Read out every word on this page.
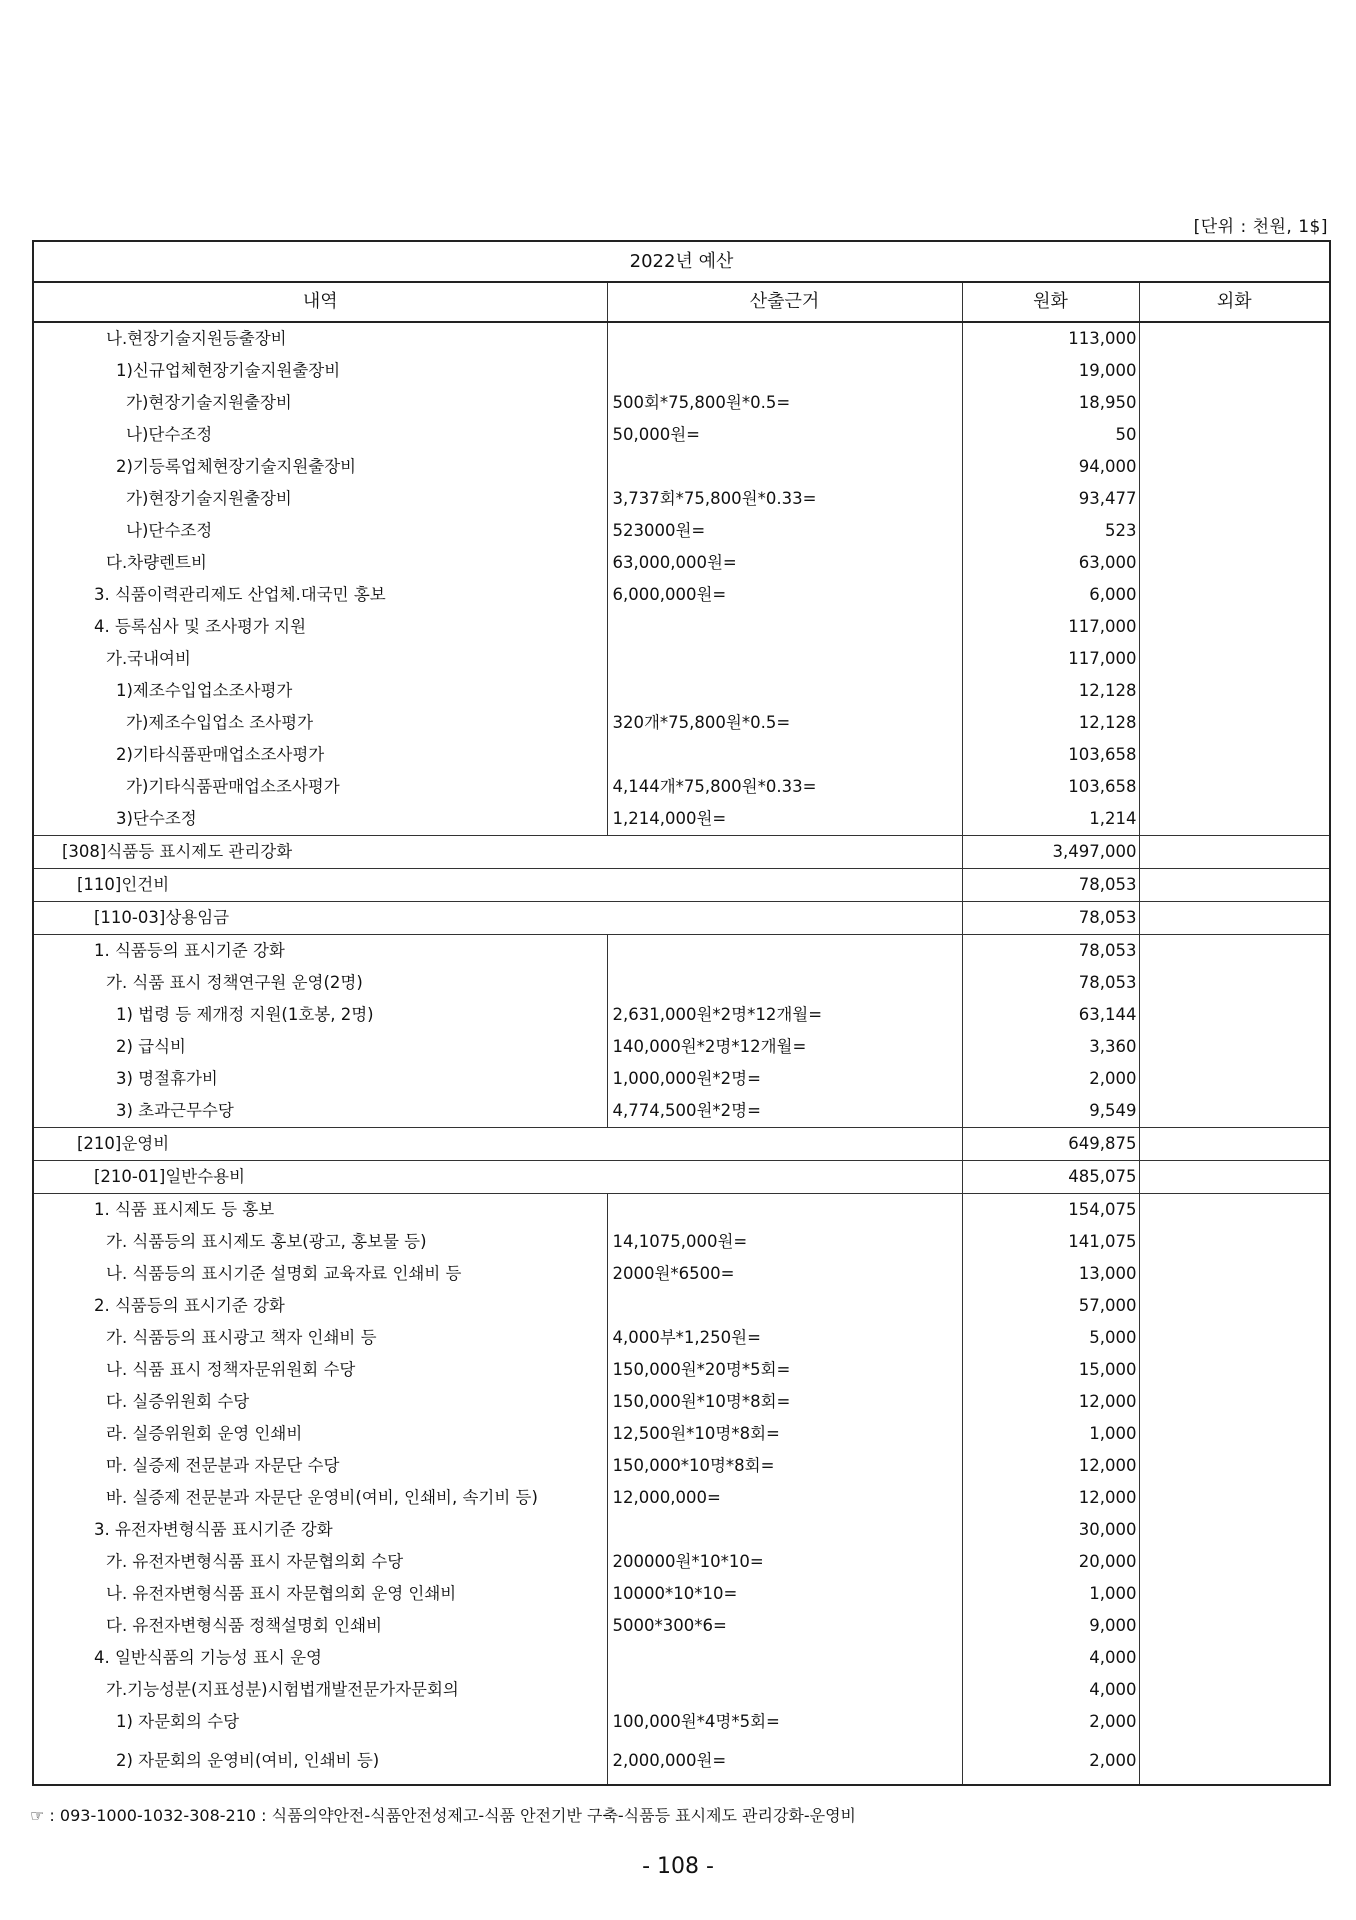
[단위 : 천원, 1$]
2022년 예산			
내역	산출근거	원화	외화
나.현장기술지원등출장비		113,000	
1)신규업체현장기술지원출장비		19,000	
가)현장기술지원출장비	500회*75,800원*0.5=	18,950	
나)단수조정	50,000원=	50	
2)기등록업체현장기술지원출장비		94,000	
가)현장기술지원출장비	3,737회*75,800원*0.33=	93,477	
나)단수조정	523000원=	523	
다.차량렌트비	63,000,000원=	63,000	
3. 식품이력관리제도 산업체.대국민 홍보	6,000,000원=	6,000	
4. 등록심사 및 조사평가 지원		117,000	
가.국내여비		117,000	
1)제조수입업소조사평가		12,128	
가)제조수입업소 조사평가	320개*75,800원*0.5=	12,128	
2)기타식품판매업소조사평가		103,658	
가)기타식품판매업소조사평가	4,144개*75,800원*0.33=	103,658	
3)단수조정	1,214,000원=	1,214	
[308]식품등 표시제도 관리강화		3,497,000	
[110]인건비		78,053	
[110-03]상용임금		78,053	
1. 식품등의 표시기준 강화		78,053	
가. 식품 표시 정책연구원 운영(2명)		78,053	
1) 법령 등 제개정 지원(1호봉, 2명)	2,631,000원*2명*12개월=	63,144	
2) 급식비	140,000원*2명*12개월=	3,360	
3) 명절휴가비	1,000,000원*2명=	2,000	
3) 초과근무수당	4,774,500원*2명=	9,549	
[210]운영비		649,875	
[210-01]일반수용비		485,075	
1. 식품 표시제도 등 홍보		154,075	
가. 식품등의 표시제도 홍보(광고, 홍보물 등)	14,1075,000원=	141,075	
나. 식품등의 표시기준 설명회 교육자료 인쇄비 등	2000원*6500=	13,000	
2. 식품등의 표시기준 강화		57,000	
가. 식품등의 표시광고 책자 인쇄비 등	4,000부*1,250원=	5,000	
나. 식품 표시 정책자문위원회 수당	150,000원*20명*5회=	15,000	
다. 실증위원회 수당	150,000원*10명*8회=	12,000	
라. 실증위원회 운영 인쇄비	12,500원*10명*8회=	1,000	
마. 실증제 전문분과 자문단 수당	150,000*10명*8회=	12,000	
바. 실증제 전문분과 자문단 운영비(여비, 인쇄비, 속기비 등)	12,000,000=	12,000	
3. 유전자변형식품 표시기준 강화		30,000	
가. 유전자변형식품 표시 자문협의회 수당	200000원*10*10=	20,000	
나. 유전자변형식품 표시 자문협의회 운영 인쇄비	10000*10*10=	1,000	
다. 유전자변형식품 정책설명회 인쇄비	5000*300*6=	9,000	
4. 일반식품의 기능성 표시 운영		4,000	
가.기능성분(지표성분)시험법개발전문가자문회의		4,000	
1) 자문회의 수당	100,000원*4명*5회=	2,000	
2) 자문회의 운영비(여비, 인쇄비 등)	2,000,000원=	2,000	
☞ : 093-1000-1032-308-210 : 식품의약안전-식품안전성제고-식품 안전기반 구축-식품등 표시제도 관리강화-운영비
- 108 -
